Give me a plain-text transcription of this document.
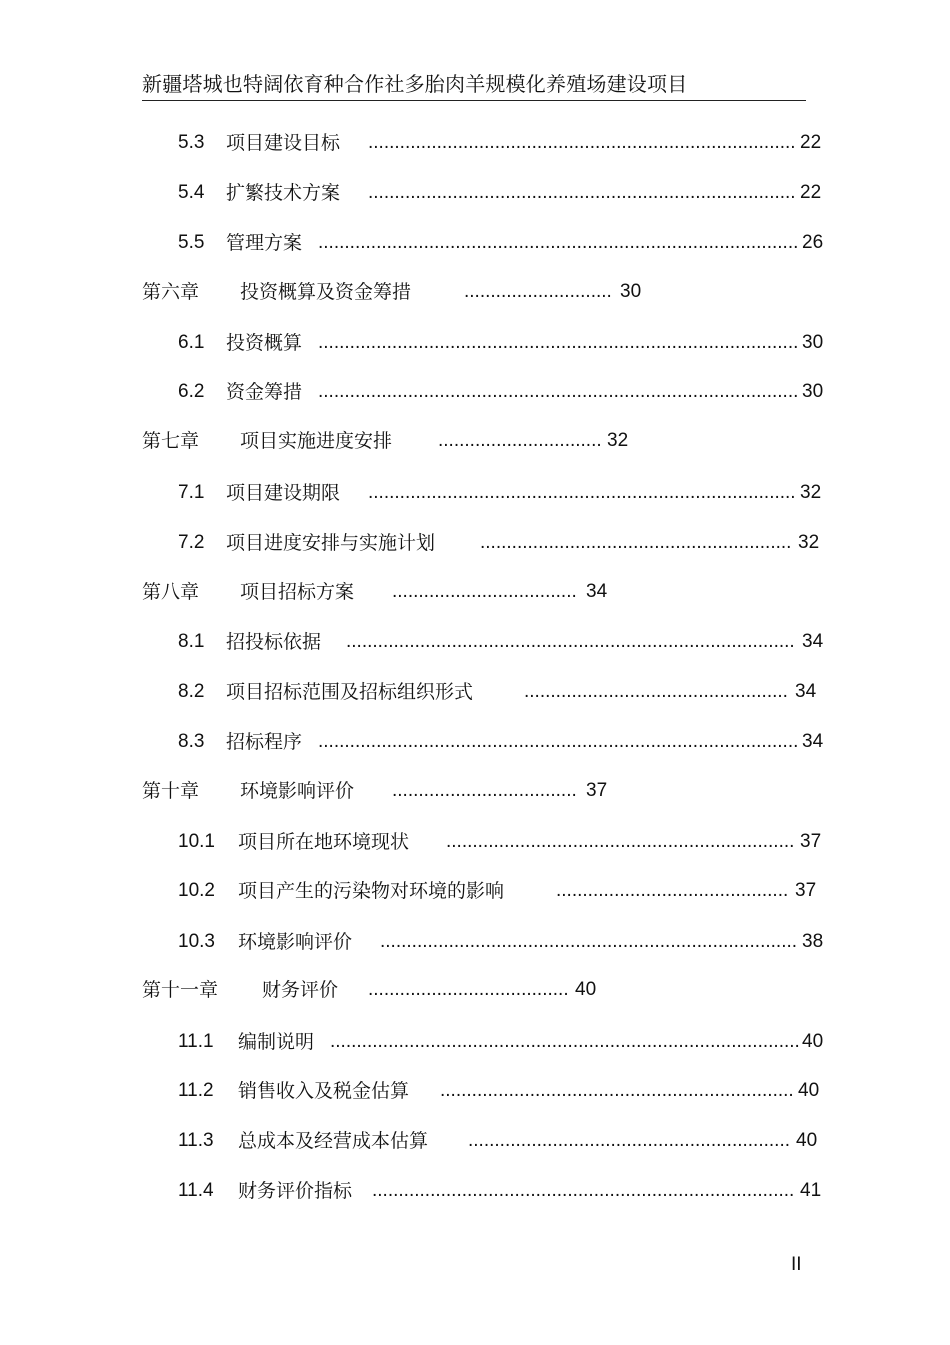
新疆塔城也特阔依育种合作社多胎肉羊规模化养殖场建设项目
5.3 项目建设目标 ................................................................................. 22
5.4 扩繁技术方案 ................................................................................. 22
5.5 管理方案 ........................................................................................... 26
第六章 投资概算及资金筹措	............................ 30
6.1 投资概算 ........................................................................................... 30
6.2 资金筹措 ........................................................................................... 30
第七章 项目实施进度安排 ............................... 32
7.1 项目建设期限 ................................................................................. 32
7.2 项目进度安排与实施计划 ........................................................... 32
第八章 项目招标方案 ................................... 34
8.1 招投标依据 ..................................................................................... 34
8.2 项目招标范围及招标组织形式	.................................................. 34
8.3 招标程序 ........................................................................................... 34
第十章 环境影响评价 ................................... 37
10.1 项目所在地环境现状 .................................................................. 37
10.2 项目产生的污染物对环境的影响	............................................ 37
10.3 环境影响评价 ............................................................................... 38
第十一章 财务评价 ...................................... 40
11.1 编制说明 ......................................................................................... 40
11.2 销售收入及税金估算 ................................................................... 40
11.3 总成本及经营成本估算 ............................................................. 40
11.4 财务评价指标 ................................................................................ 41
II
